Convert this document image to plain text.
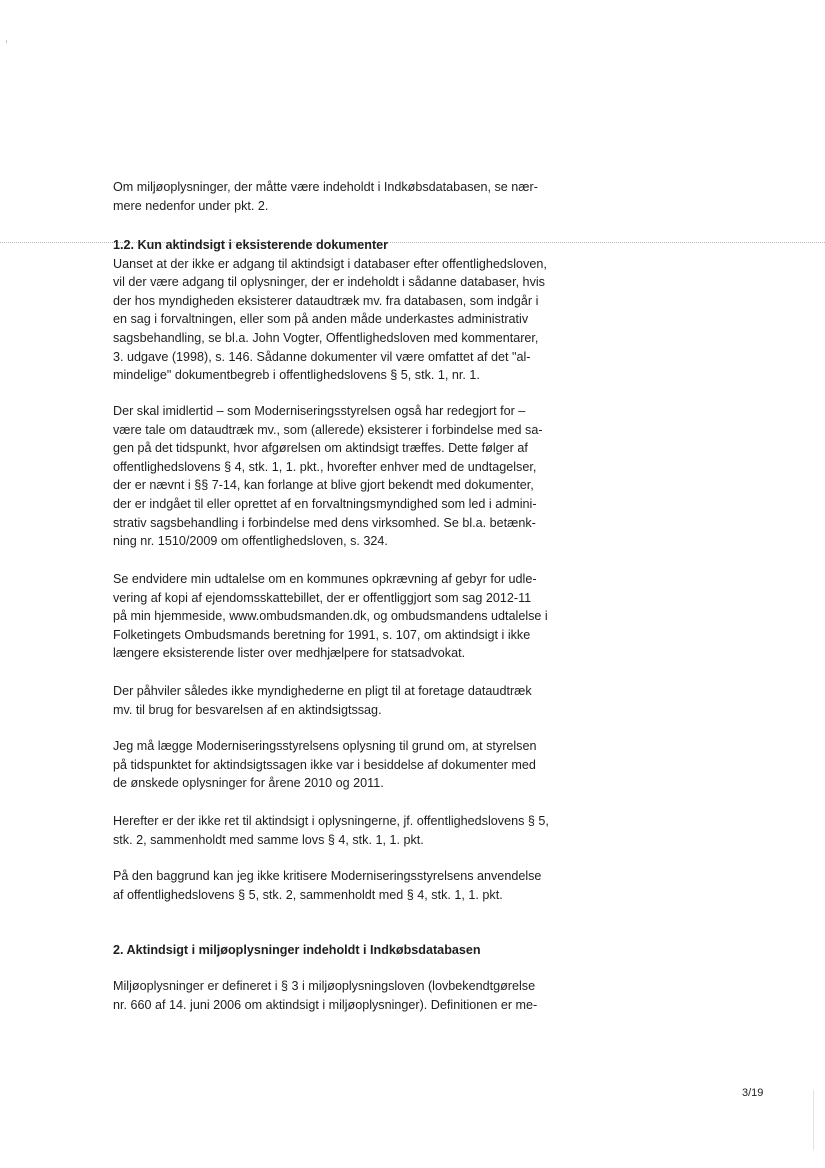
Om miljøoplysninger, der måtte være indeholdt i Indkøbsdatabasen, se nær-

mere nedenfor under pkt. 2.

1.2. Kun aktindsigt i eksisterende dokumenter

Uanset at der ikke er adgang til aktindsigt i databaser efter offentlighedsloven,

vil der være adgang til oplysninger, der er indeholdt i sådanne databaser, hvis

der hos myndigheden eksisterer dataudtræk mv. fra databasen, som indgår i

en sag i forvaltningen, eller som på anden måde underkastes administrativ

sagsbehandling, se bl.a. John Vogter, Offentlighedsloven med kommentarer,

3. udgave (1998), s. 146. Sådanne dokumenter vil være omfattet af det "al-

mindelige" dokumentbegreb i offentlighedslovens § 5, stk. 1, nr. 1.

Der skal imidlertid – som Moderniseringsstyrelsen også har redegjort for –

være tale om dataudtræk mv., som (allerede) eksisterer i forbindelse med sa-

gen på det tidspunkt, hvor afgørelsen om aktindsigt træffes. Dette følger af

offentlighedslovens § 4, stk. 1, 1. pkt., hvorefter enhver med de undtagelser,

der er nævnt i §§ 7-14, kan forlange at blive gjort bekendt med dokumenter,

der er indgået til eller oprettet af en forvaltningsmyndighed som led i admini-

strativ sagsbehandling i forbindelse med dens virksomhed. Se bl.a. betænk-

ning nr. 1510/2009 om offentlighedsloven, s. 324.

Se endvidere min udtalelse om en kommunes opkrævning af gebyr for udle-

vering af kopi af ejendomsskattebillet, der er offentliggjort som sag 2012-11

på min hjemmeside, www.ombudsmanden.dk, og ombudsmandens udtalelse i

Folketingets Ombudsmands beretning for 1991, s. 107, om aktindsigt i ikke

længere eksisterende lister over medhjælpere for statsadvokat.

Der påhviler således ikke myndighederne en pligt til at foretage dataudtræk

mv. til brug for besvarelsen af en aktindsigtssag.

Jeg må lægge Moderniseringsstyrelsens oplysning til grund om, at styrelsen

på tidspunktet for aktindsigtssagen ikke var i besiddelse af dokumenter med

de ønskede oplysninger for årene 2010 og 2011.

Herefter er der ikke ret til aktindsigt i oplysningerne, jf. offentlighedslovens § 5,

stk. 2, sammenholdt med samme lovs § 4, stk. 1, 1. pkt.

På den baggrund kan jeg ikke kritisere Moderniseringsstyrelsens anvendelse

af offentlighedslovens § 5, stk. 2, sammenholdt med § 4, stk. 1, 1. pkt.

2. Aktindsigt i miljøoplysninger indeholdt i Indkøbsdatabasen

Miljøoplysninger er defineret i § 3 i miljøoplysningsloven (lovbekendtgørelse

nr. 660 af 14. juni 2006 om aktindsigt i miljøoplysninger). Definitionen er me-

3/19
